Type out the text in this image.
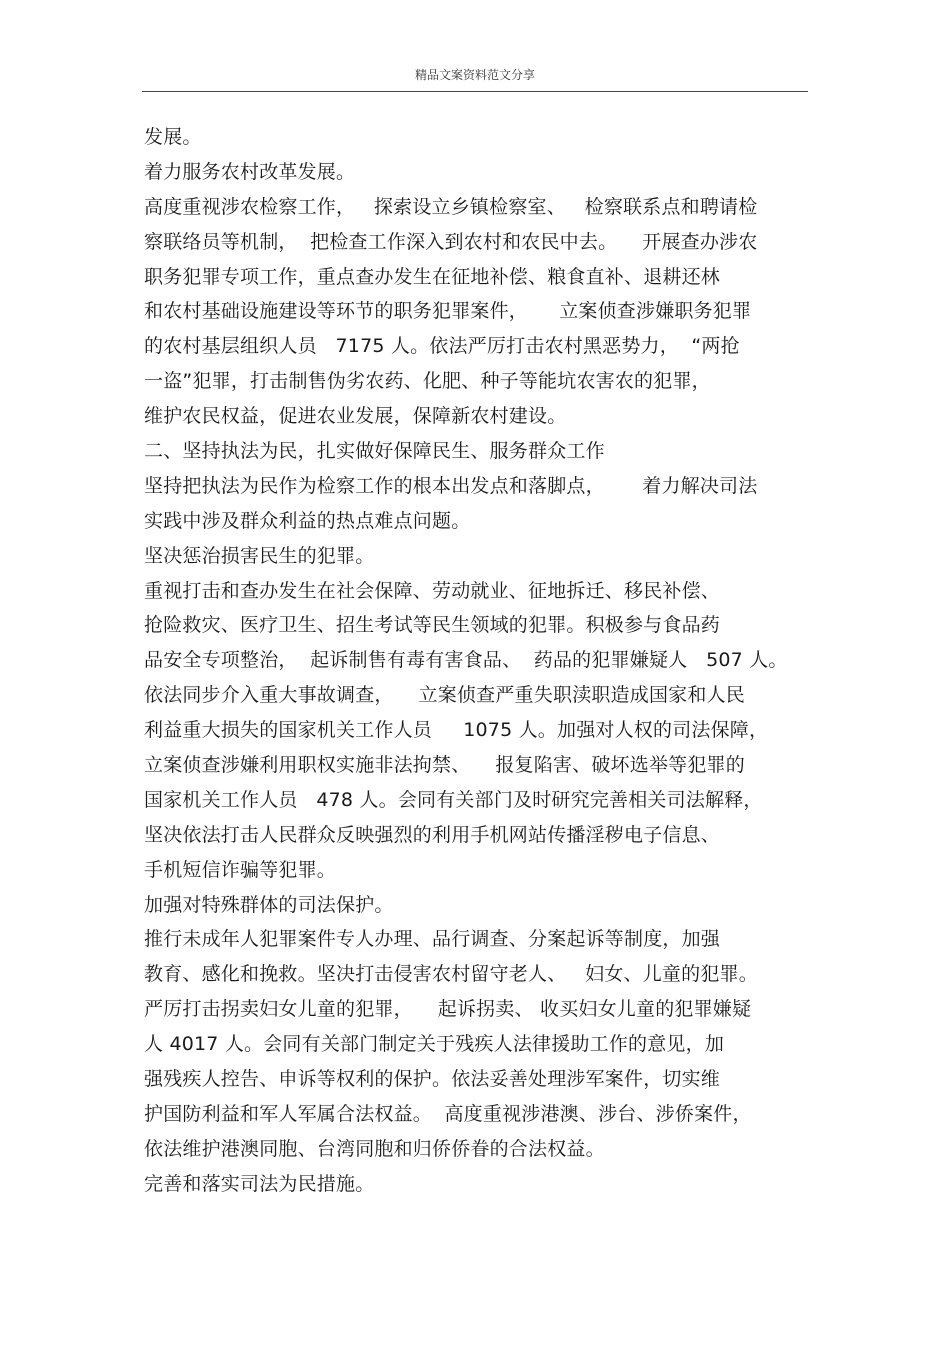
精品文案资料范文分享
发展。
着力服务农村改革发展。
高度重视涉农检察工作，   探索设立乡镇检察室、   检察联系点和聘请检
察联络员等机制，  把检查工作深入到农村和农民中去。    开展查办涉农
职务犯罪专项工作，重点查办发生在征地补偿、粮食直补、退耕还林
和农村基础设施建设等环节的职务犯罪案件，     立案侦查涉嫌职务犯罪
的农村基层组织人员   7175 人。依法严厉打击农村黑恶势力，  “两抢
一盗”犯罪，打击制售伪劣农药、化肥、种子等能坑农害农的犯罪，
维护农民权益，促进农业发展，保障新农村建设。
二、坚持执法为民，扎实做好保障民生、服务群众工作
坚持把执法为民作为检察工作的根本出发点和落脚点，      着力解决司法
实践中涉及群众利益的热点难点问题。
坚决惩治损害民生的犯罪。
重视打击和查办发生在社会保障、劳动就业、征地拆迁、移民补偿、
抢险救灾、医疗卫生、招生考试等民生领域的犯罪。积极参与食品药
品安全专项整治，  起诉制售有毒有害食品、  药品的犯罪嫌疑人   507 人。
依法同步介入重大事故调查，    立案侦查严重失职渎职造成国家和人民
利益重大损失的国家机关工作人员     1075 人。加强对人权的司法保障，
立案侦查涉嫌利用职权实施非法拘禁、    报复陷害、破坏选举等犯罪的
国家机关工作人员   478 人。会同有关部门及时研究完善相关司法解释，
坚决依法打击人民群众反映强烈的利用手机网站传播淫秽电子信息、
手机短信诈骗等犯罪。
加强对特殊群体的司法保护。
推行未成年人犯罪案件专人办理、品行调查、分案起诉等制度，加强
教育、感化和挽救。坚决打击侵害农村留守老人、   妇女、儿童的犯罪。
严厉打击拐卖妇女儿童的犯罪，    起诉拐卖、 收买妇女儿童的犯罪嫌疑
人 4017 人。会同有关部门制定关于残疾人法律援助工作的意见，加
强残疾人控告、申诉等权利的保护。依法妥善处理涉军案件，切实维
护国防利益和军人军属合法权益。  高度重视涉港澳、涉台、涉侨案件，
依法维护港澳同胞、台湾同胞和归侨侨眷的合法权益。
完善和落实司法为民措施。
